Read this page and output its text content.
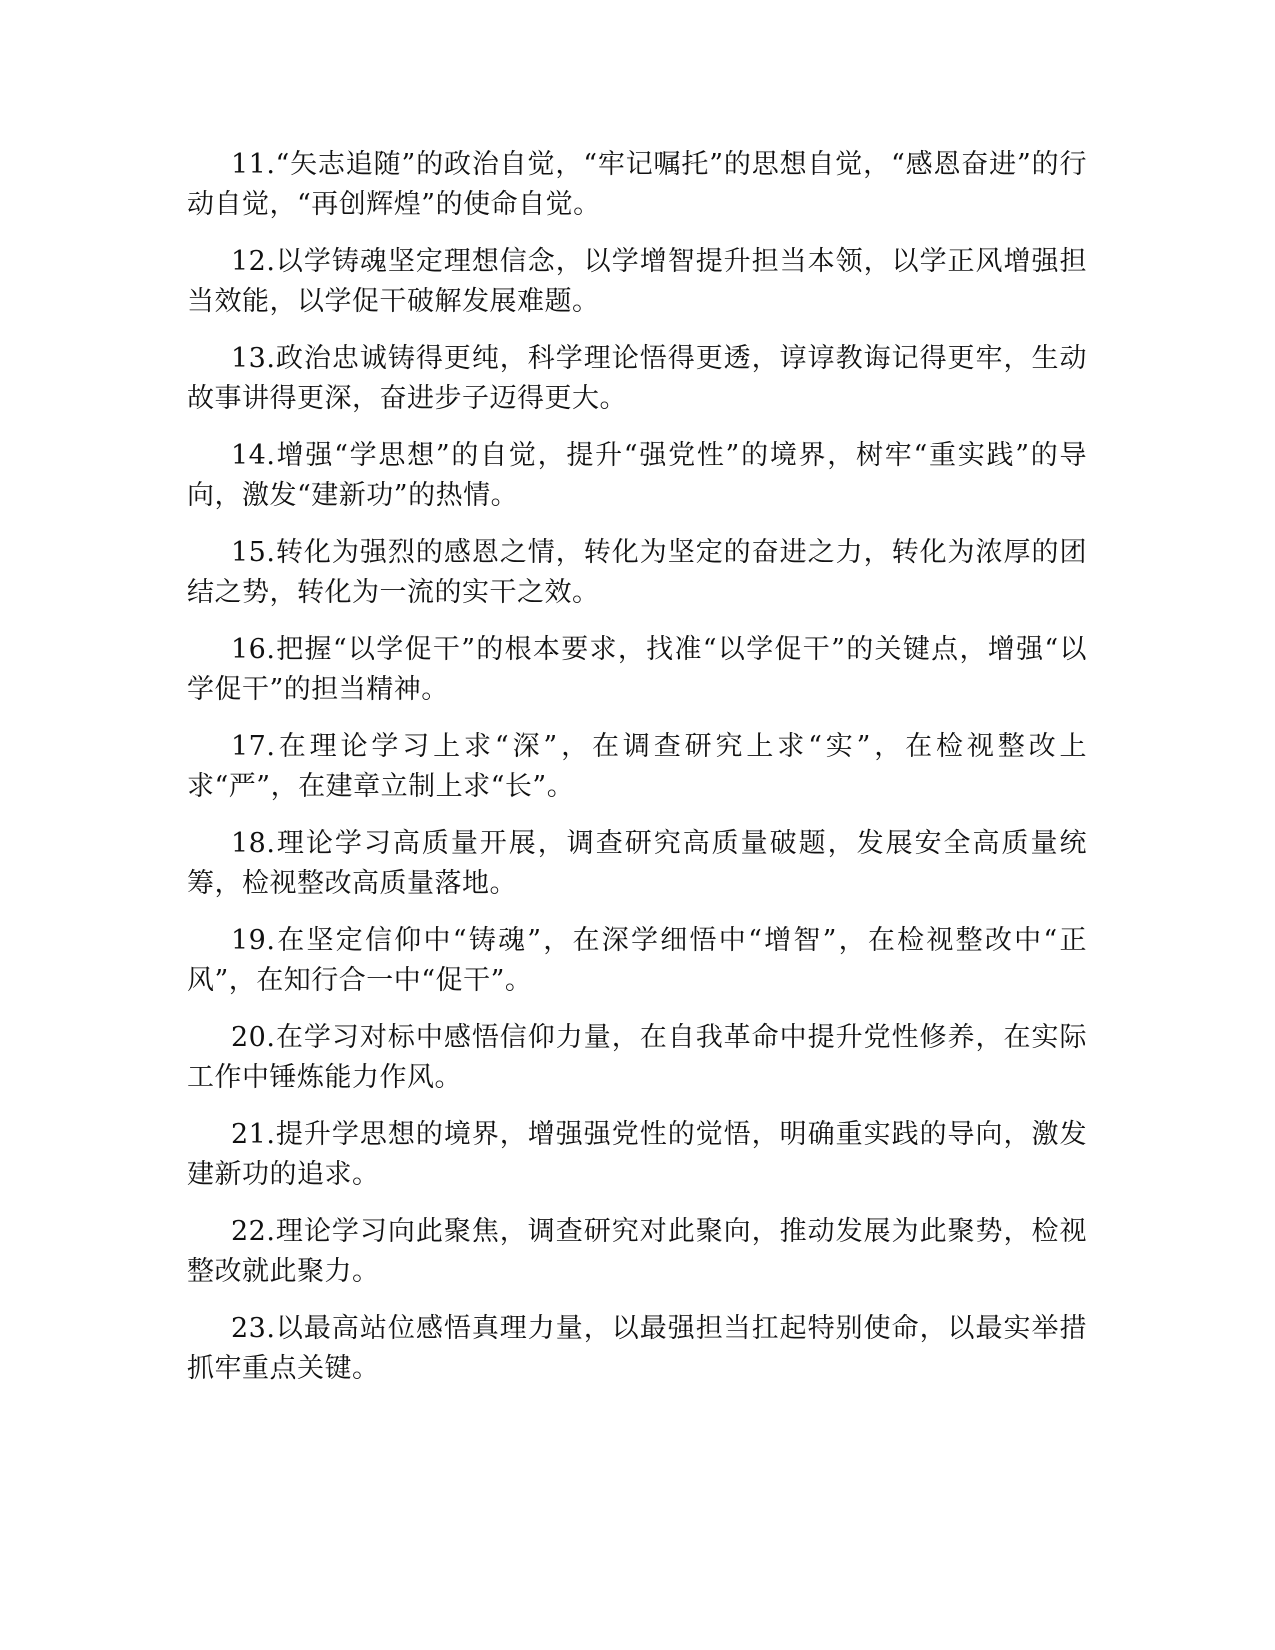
11.“矢志追随”的政治自觉，“牢记嘱托”的思想自觉，“感恩奋进”的行动自觉，“再创辉煌”的使命自觉。

12.以学铸魂坚定理想信念，以学增智提升担当本领，以学正风增强担当效能，以学促干破解发展难题。

13.政治忠诚铸得更纯，科学理论悟得更透，谆谆教诲记得更牢，生动故事讲得更深，奋进步子迈得更大。

14.增强“学思想”的自觉，提升“强党性”的境界，树牢“重实践”的导向，激发“建新功”的热情。

15.转化为强烈的感恩之情，转化为坚定的奋进之力，转化为浓厚的团结之势，转化为一流的实干之效。

16.把握“以学促干”的根本要求，找准“以学促干”的关键点，增强“以学促干”的担当精神。

17.在理论学习上求“深”，在调查研究上求“实”，在检视整改上求“严”，在建章立制上求“长”。

18.理论学习高质量开展，调查研究高质量破题，发展安全高质量统筹，检视整改高质量落地。

19.在坚定信仰中“铸魂”，在深学细悟中“增智”，在检视整改中“正风”，在知行合一中“促干”。

20.在学习对标中感悟信仰力量，在自我革命中提升党性修养，在实际工作中锤炼能力作风。

21.提升学思想的境界，增强强党性的觉悟，明确重实践的导向，激发建新功的追求。

22.理论学习向此聚焦，调查研究对此聚向，推动发展为此聚势，检视整改就此聚力。

23.以最高站位感悟真理力量，以最强担当扛起特别使命，以最实举措抓牢重点关键。
